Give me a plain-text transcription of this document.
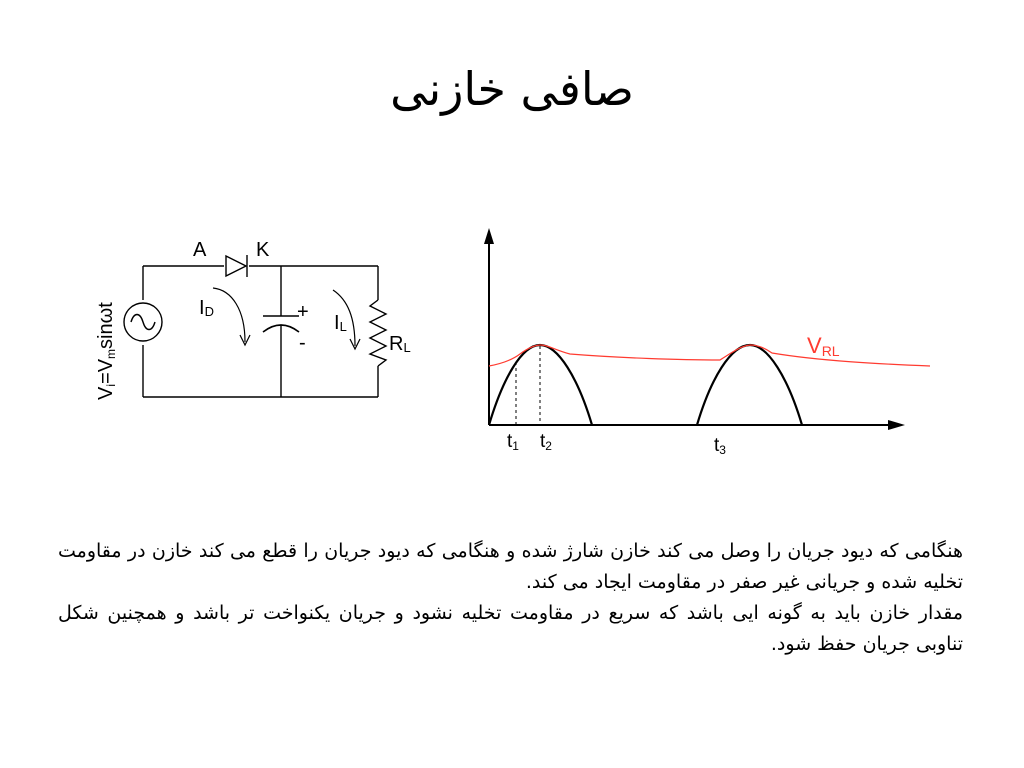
صافی خازنی
A K
ID
IL
+
-	RL
Vi=Vmsinωt	VRL
t1 t2	t3

هنگامی که دیود جریان را وصل می کند خازن شارژ شده و هنگامی که دیود جریان را قطع می کند خازن در مقاومت تخلیه شده و جریانی غیر صفر در مقاومت ایجاد می کند.

مقدار خازن باید به گونه ایی باشد که سریع در مقاومت تخلیه نشود و جریان یکنواخت تر باشد و همچنین شکل تناوبی جریان حفظ شود.
